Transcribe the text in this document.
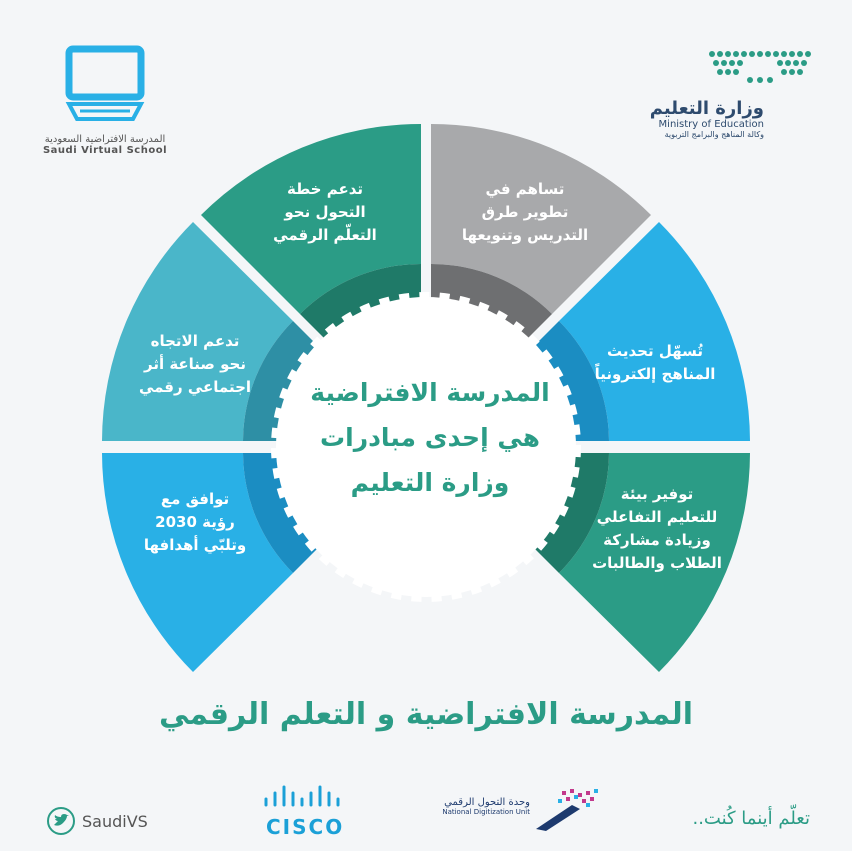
تساهم في
تطوير طرق
التدريس وتنويعها
تدعم خطة
التحول نحو
التعلّم الرقمي
تدعم الاتجاه
نحو صناعة أثر
اجتماعي رقمي
توافق مع
رؤية 2030
وتلبّي أهدافها
تُسهّل تحديث
المناهج إلكترونياً
توفير بيئة
للتعليم التفاعلي
وزيادة مشاركة
الطلاب والطالبات
المدرسة الافتراضية
هي إحدى مبادرات
وزارة التعليم
المدرسة الافتراضية السعودية
Saudi Virtual School
وزارة التعليم
Ministry of Education
وكالة المناهج والبرامج التربوية
المدرسة الافتراضية و التعلم الرقمي
SaudiVS	CISCO
وحدة التحول الرقمي
National Digitization Unit	تعلّم أينما كُنت..
